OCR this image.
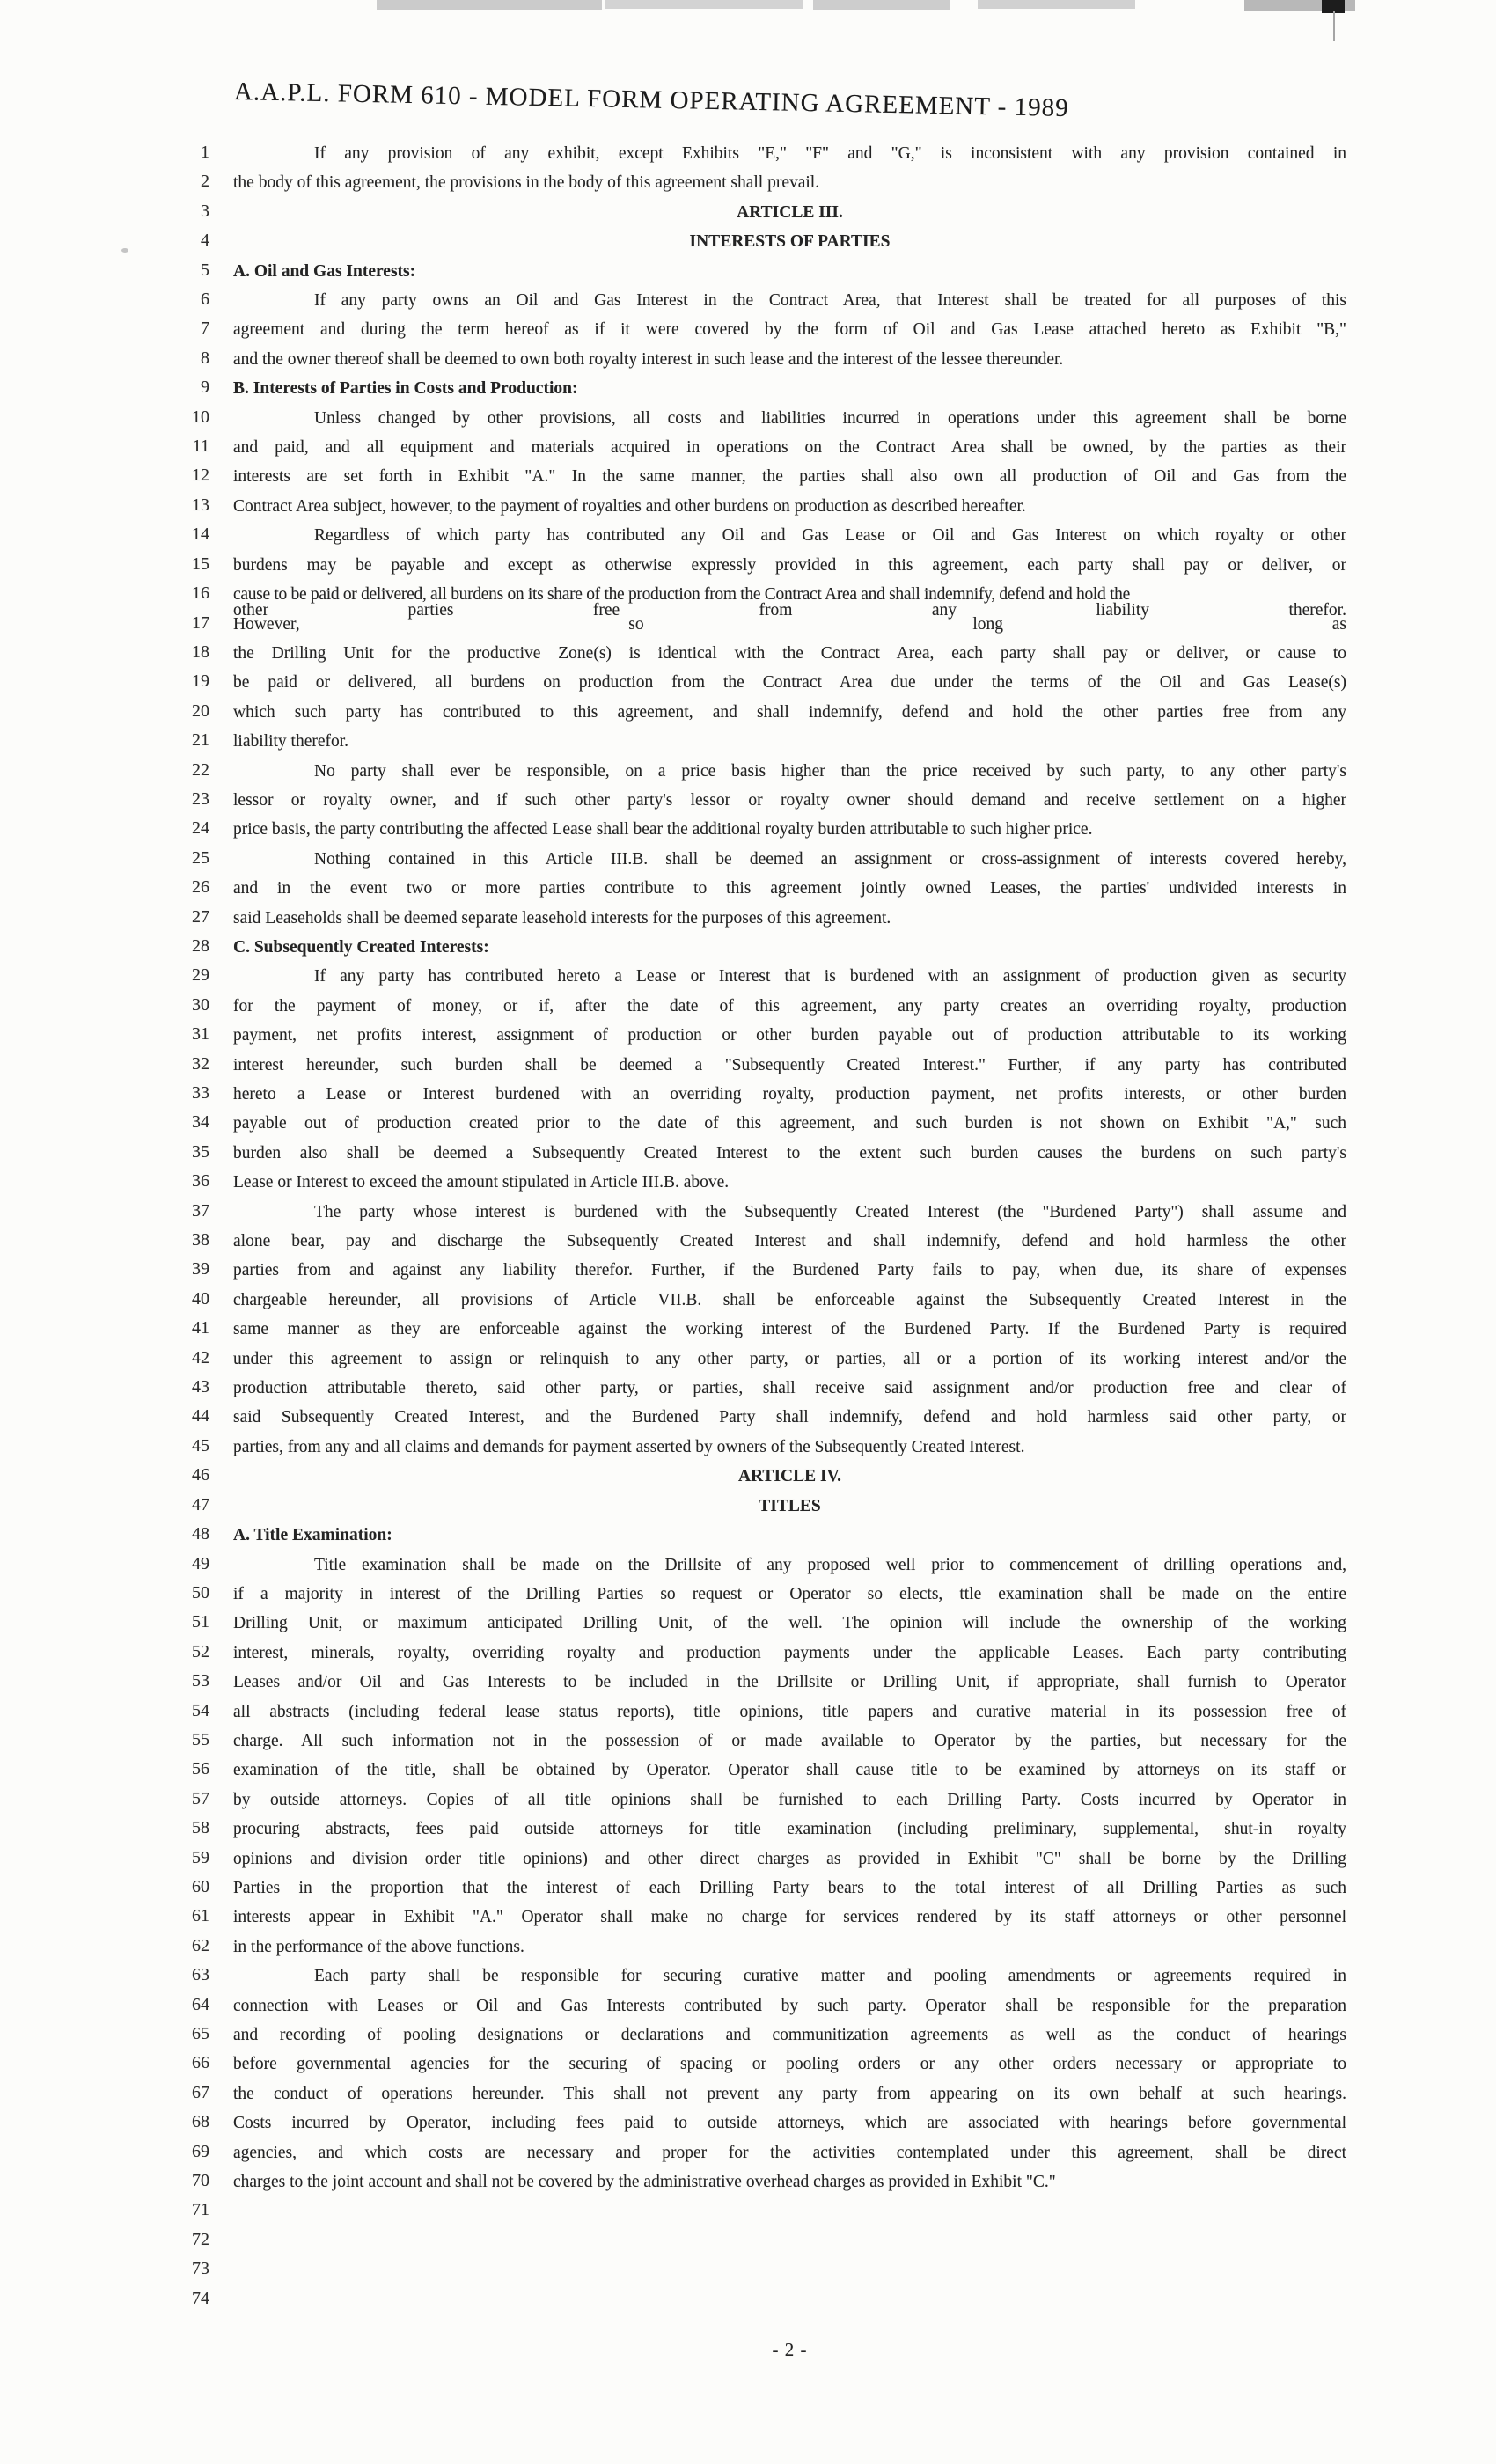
A.A.P.L. FORM 610 - MODEL FORM OPERATING AGREEMENT - 1989
1	If any provision of any exhibit, except Exhibits "E," "F" and "G," is inconsistent with any provision contained in
2 the body of this agreement, the provisions in the body of this agreement shall prevail.
3	ARTICLE III.
4	INTERESTS OF PARTIES
5 A. Oil and Gas Interests:
6	If any party owns an Oil and Gas Interest in the Contract Area, that Interest shall be treated for all purposes of this
7 agreement and during the term hereof as if it were covered by the form of Oil and Gas Lease attached hereto as Exhibit "B,"
8 and the owner thereof shall be deemed to own both royalty interest in such lease and the interest of the lessee thereunder.
9 B. Interests of Parties in Costs and Production:
10	Unless changed by other provisions, all costs and liabilities incurred in operations under this agreement shall be borne
11 and paid, and all equipment and materials acquired in operations on the Contract Area shall be owned, by the parties as their
12 interests are set forth in Exhibit "A." In the same manner, the parties shall also own all production of Oil and Gas from the
13 Contract Area subject, however, to the payment of royalties and other burdens on production as described hereafter.
14	Regardless of which party has contributed any Oil and Gas Lease or Oil and Gas Interest on which royalty or other
15 burdens may be payable and except as otherwise expressly provided in this agreement, each party shall pay or deliver, or
16 cause to be paid or delivered, all burdens on its share of the production from the Contract Area and shall indemnify, defend and hold the
other	parties	free	from	any	liability	therefor.
17 However,	so	long	as
18 the Drilling Unit for the productive Zone(s) is identical with the Contract Area, each party shall pay or deliver, or cause to
19 be paid or delivered, all burdens on production from the Contract Area due under the terms of the Oil and Gas Lease(s)
20 which such party has contributed to this agreement, and shall indemnify, defend and hold the other parties free from any
21 liability therefor.
22	No party shall ever be responsible, on a price basis higher than the price received by such party, to any other party's
23 lessor or royalty owner, and if such other party's lessor or royalty owner should demand and receive settlement on a higher
24 price basis, the party contributing the affected Lease shall bear the additional royalty burden attributable to such higher price.
25	Nothing contained in this Article III.B. shall be deemed an assignment or cross-assignment of interests covered hereby,
26 and in the event two or more parties contribute to this agreement jointly owned Leases, the parties' undivided interests in
27 said Leaseholds shall be deemed separate leasehold interests for the purposes of this agreement.
28 C. Subsequently Created Interests:
29	If any party has contributed hereto a Lease or Interest that is burdened with an assignment of production given as security
30 for the payment of money, or if, after the date of this agreement, any party creates an overriding royalty, production
31 payment, net profits interest, assignment of production or other burden payable out of production attributable to its working
32 interest hereunder, such burden shall be deemed a "Subsequently Created Interest." Further, if any party has contributed
33 hereto a Lease or Interest burdened with an overriding royalty, production payment, net profits interests, or other burden
34 payable out of production created prior to the date of this agreement, and such burden is not shown on Exhibit "A," such
35 burden also shall be deemed a Subsequently Created Interest to the extent such burden causes the burdens on such party's
36 Lease or Interest to exceed the amount stipulated in Article III.B. above.
37	The party whose interest is burdened with the Subsequently Created Interest (the "Burdened Party") shall assume and
38 alone bear, pay and discharge the Subsequently Created Interest and shall indemnify, defend and hold harmless the other
39 parties from and against any liability therefor. Further, if the Burdened Party fails to pay, when due, its share of expenses
40 chargeable hereunder, all provisions of Article VII.B. shall be enforceable against the Subsequently Created Interest in the
41 same manner as they are enforceable against the working interest of the Burdened Party. If the Burdened Party is required
42 under this agreement to assign or relinquish to any other party, or parties, all or a portion of its working interest and/or the
43 production attributable thereto, said other party, or parties, shall receive said assignment and/or production free and clear of
44 said Subsequently Created Interest, and the Burdened Party shall indemnify, defend and hold harmless said other party, or
45 parties, from any and all claims and demands for payment asserted by owners of the Subsequently Created Interest.
46	ARTICLE IV.
47	TITLES
48 A. Title Examination:
49	Title examination shall be made on the Drillsite of any proposed well prior to commencement of drilling operations and,
50 if a majority in interest of the Drilling Parties so request or Operator so elects, ttle examination shall be made on the entire
51 Drilling Unit, or maximum anticipated Drilling Unit, of the well. The opinion will include the ownership of the working
52 interest, minerals, royalty, overriding royalty and production payments under the applicable Leases. Each party contributing
53 Leases and/or Oil and Gas Interests to be included in the Drillsite or Drilling Unit, if appropriate, shall furnish to Operator
54 all abstracts (including federal lease status reports), title opinions, title papers and curative material in its possession free of
55 charge. All such information not in the possession of or made available to Operator by the parties, but necessary for the
56 examination of the title, shall be obtained by Operator. Operator shall cause title to be examined by attorneys on its staff or
57 by outside attorneys. Copies of all title opinions shall be furnished to each Drilling Party. Costs incurred by Operator in
58 procuring abstracts, fees paid outside attorneys for title examination (including preliminary, supplemental, shut-in royalty
59 opinions and division order title opinions) and other direct charges as provided in Exhibit "C" shall be borne by the Drilling
60 Parties in the proportion that the interest of each Drilling Party bears to the total interest of all Drilling Parties as such
61 interests appear in Exhibit "A." Operator shall make no charge for services rendered by its staff attorneys or other personnel
62 in the performance of the above functions.
63	Each party shall be responsible for securing curative matter and pooling amendments or agreements required in
64 connection with Leases or Oil and Gas Interests contributed by such party. Operator shall be responsible for the preparation
65 and recording of pooling designations or declarations and communitization agreements as well as the conduct of hearings
66 before governmental agencies for the securing of spacing or pooling orders or any other orders necessary or appropriate to
67 the conduct of operations hereunder. This shall not prevent any party from appearing on its own behalf at such hearings.
68 Costs incurred by Operator, including fees paid to outside attorneys, which are associated with hearings before governmental
69 agencies, and which costs are necessary and proper for the activities contemplated under this agreement, shall be direct
70 charges to the joint account and shall not be covered by the administrative overhead charges as provided in Exhibit "C."
71
72
73
74
- 2 -
